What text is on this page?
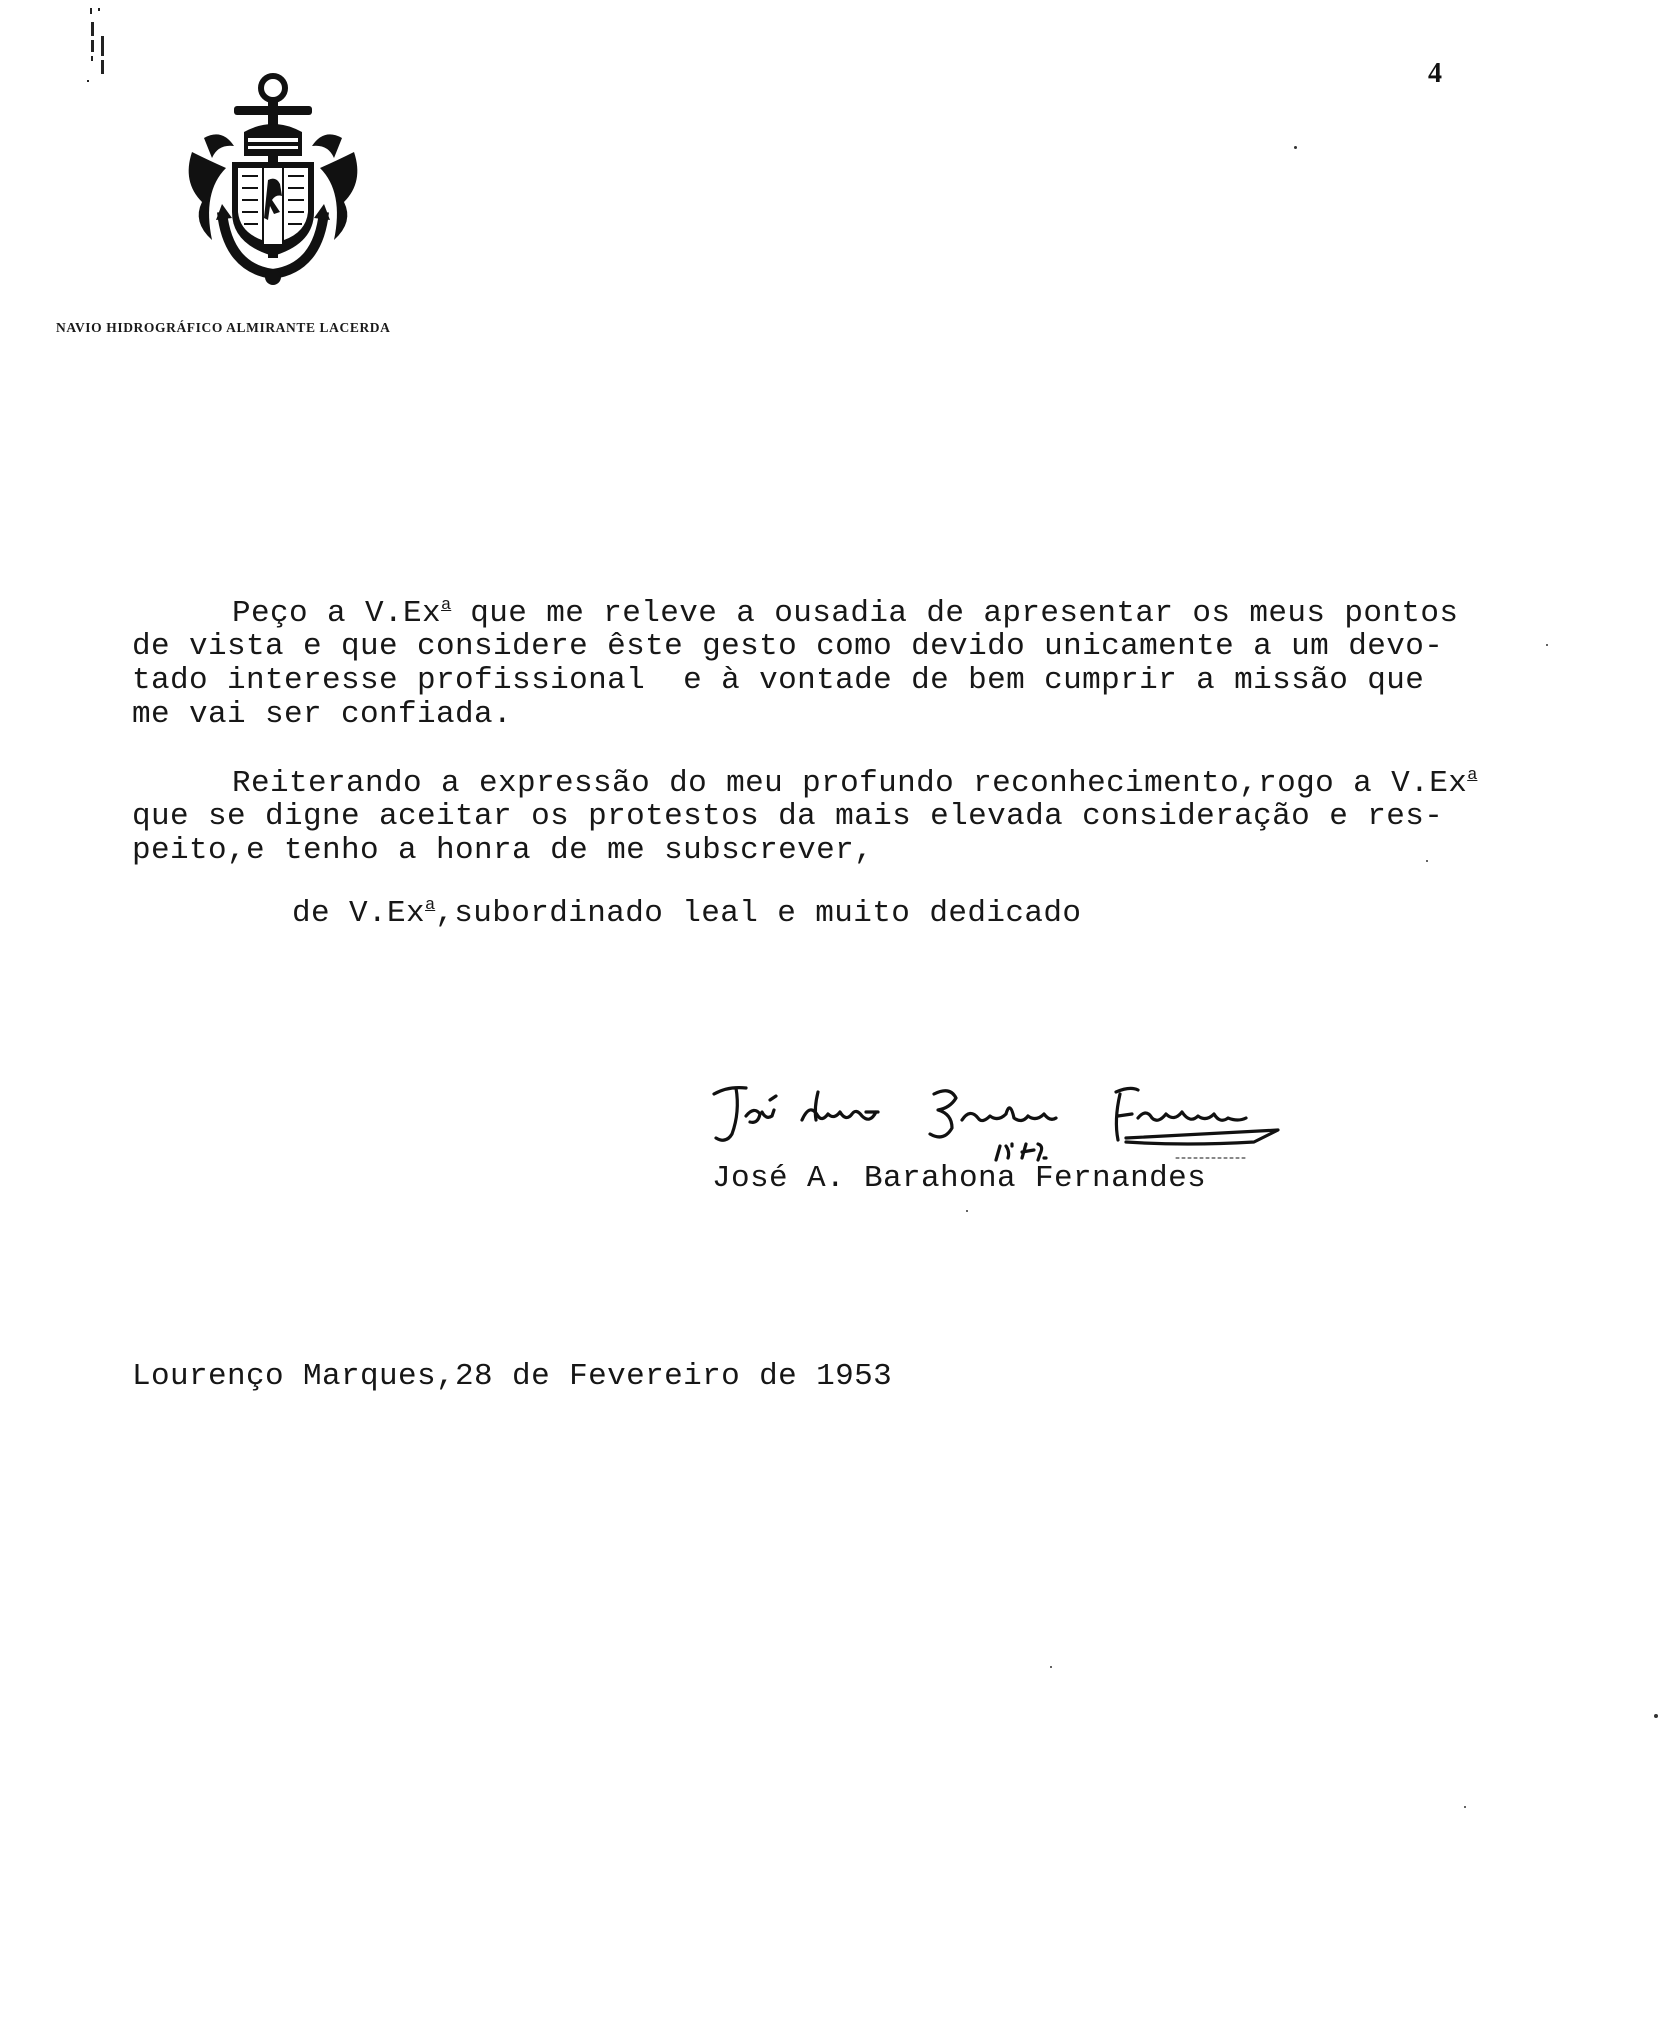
4
NAVIO HIDROGRÁFICO ALMIRANTE LACERDA
Peço a V.Ex$^a$ que me releve a ousadia de apresentar os meus pontos
de vista e que considere êste gesto como devido unicamente a um devo-
tado interesse profissional  e à vontade de bem cumprir a missão que
me vai ser confiada.
Reiterando a expressão do meu profundo reconhecimento,rogo a V.Ex$^a$
que se digne aceitar os protestos da mais elevada consideração e res-
peito,e tenho a honra de me subscrever,
de V.Ex$^a$,subordinado leal e muito dedicado
José A. Barahona Fernandes
Lourenço Marques,28 de Fevereiro de 1953
